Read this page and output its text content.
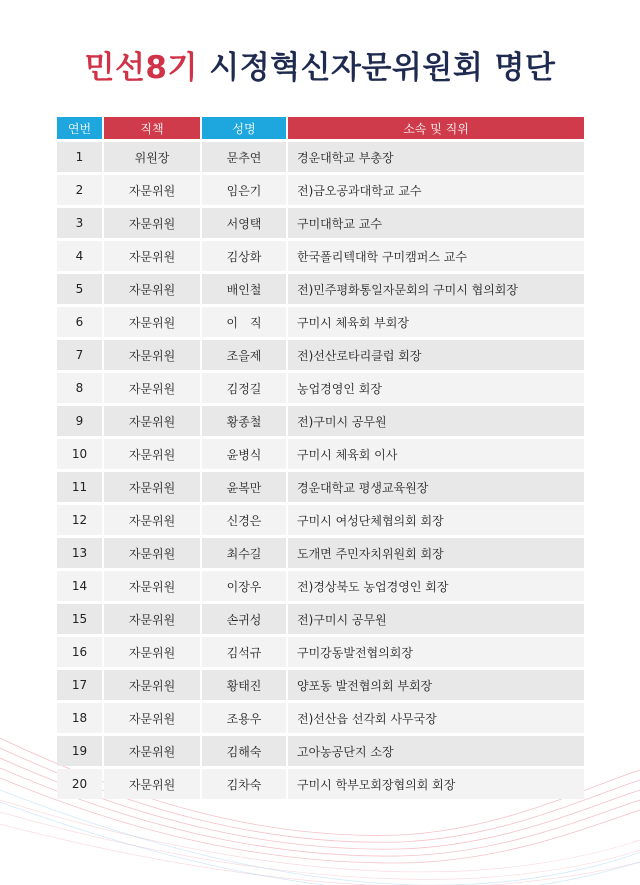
민선8기 시정혁신자문위원회 명단
연번	직책	성명	소속 및 직위
1	위원장	문추연	경운대학교 부총장
2	자문위원	임은기	전)금오공과대학교 교수
3	자문위원	서영택	구미대학교 교수
4	자문위원	김상화	한국폴리텍대학 구미캠퍼스 교수
5	자문위원	배인철	전)민주평화통일자문회의 구미시 협의회장
6	자문위원	이　직	구미시 체육회 부회장
7	자문위원	조을제	전)선산로타리클럽 회장
8	자문위원	김정길	농업경영인 회장
9	자문위원	황종철	전)구미시 공무원
10	자문위원	윤병식	구미시 체육회 이사
11	자문위원	윤복만	경운대학교 평생교육원장
12	자문위원	신경은	구미시 여성단체협의회 회장
13	자문위원	최수길	도개면 주민자치위원회 회장
14	자문위원	이장우	전)경상북도 농업경영인 회장
15	자문위원	손귀성	전)구미시 공무원
16	자문위원	김석규	구미강동발전협의회장
17	자문위원	황태진	양포동 발전협의회 부회장
18	자문위원	조용우	전)선산읍 선각회 사무국장
19	자문위원	김해숙	고아농공단지 소장
20	자문위원	김차숙	구미시 학부모회장협의회 회장
